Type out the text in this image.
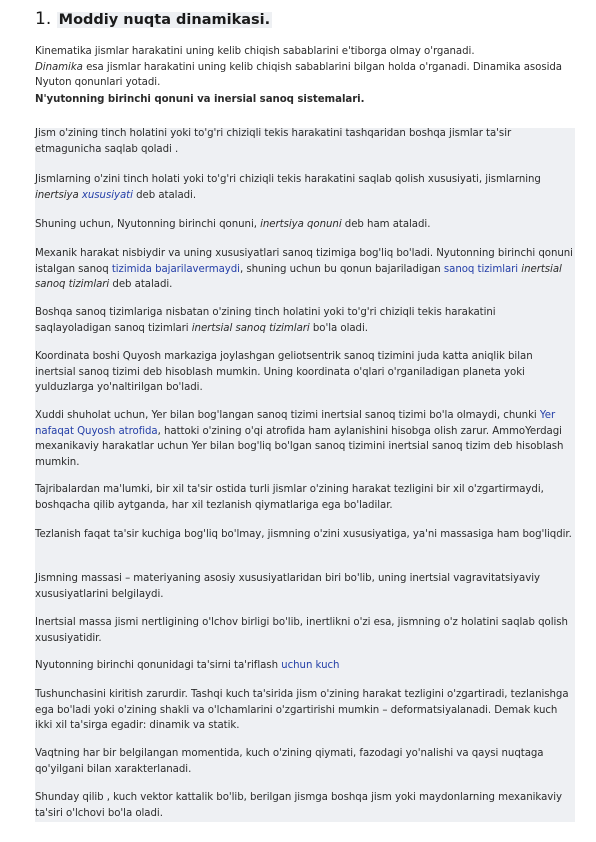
1. Moddiy nuqta dinamikasi.

Kinematika jismlar harakatini uning kelib chiqish sabablarini e'tiborga olmay o'rganadi.

Dinamika esa jismlar harakatini uning kelib chiqish sabablarini bilgan holda o'rganadi. Dinamika asosida Nyuton qonunlari yotadi.

N'yutonning birinchi qonuni va inersial sanoq sistemalari.

Jism o'zining tinch holatini yoki to'g'ri chiziqli tekis harakatini tashqaridan boshqa jismlar ta'sir etmagunicha saqlab qoladi .

Jismlarning o'zini tinch holati yoki to'g'ri chiziqli tekis harakatini saqlab qolish xususiyati, jismlarning inertsiya xususiyati deb ataladi.

Shuning uchun, Nyutonning birinchi qonuni, inertsiya qonuni deb ham ataladi.

Mexanik harakat nisbiydir va uning xususiyatlari sanoq tizimiga bog'liq bo'ladi. Nyutonning birinchi qonuni istalgan sanoq tizimida bajarilavermaydi, shuning uchun bu qonun bajariladigan sanoq tizimlari inertsial sanoq tizimlari deb ataladi.

Boshqa sanoq tizimlariga nisbatan o'zining tinch holatini yoki to'g'ri chiziqli tekis harakatini saqlayoladigan sanoq tizimlari inertsial sanoq tizimlari bo'la oladi.

Koordinata boshi Quyosh markaziga joylashgan geliotsentrik sanoq tizimini juda katta aniqlik bilan inertsial sanoq tizimi deb hisoblash mumkin. Uning koordinata o'qlari o'rganiladigan planeta yoki yulduzlarga yo'naltirilgan bo'ladi.

Xuddi shuholat uchun, Yer bilan bog'langan sanoq tizimi inertsial sanoq tizimi bo'la olmaydi, chunki Yer nafaqat Quyosh atrofida, hattoki o'zining o'qi atrofida ham aylanishini hisobga olish zarur. AmmoYerdagi mexanikaviy harakatlar uchun Yer bilan bog'liq bo'lgan sanoq tizimini inertsial sanoq tizim deb hisoblash mumkin.

Tajribalardan ma'lumki, bir xil ta'sir ostida turli jismlar o'zining harakat tezligini bir xil o'zgartirmaydi, boshqacha qilib aytganda, har xil tezlanish qiymatlariga ega bo'ladilar.

Tezlanish faqat ta'sir kuchiga bog'liq bo'lmay, jismning o'zini xususiyatiga, ya'ni massasiga ham bog'liqdir.

Jismning massasi – materiyaning asosiy xususiyatlaridan biri bo'lib, uning inertsial vagravitatsiyaviy xususiyatlarini belgilaydi.

Inertsial massa jismi nertligining o'lchov birligi bo'lib, inertlikni o'zi esa, jismning o'z holatini saqlab qolish xususiyatidir.

Nyutonning birinchi qonunidagi ta'sirni ta'riflash uchun kuch

Tushunchasini kiritish zarurdir. Tashqi kuch ta'sirida jism o'zining harakat tezligini o'zgartiradi, tezlanishga ega bo'ladi yoki o'zining shakli va o'lchamlarini o'zgartirishi mumkin – deformatsiyalanadi. Demak kuch ikki xil ta'sirga egadir: dinamik va statik.

Vaqtning har bir belgilangan momentida, kuch o'zining qiymati, fazodagi yo'nalishi va qaysi nuqtaga qo'yilgani bilan xarakterlanadi.

Shunday qilib , kuch vektor kattalik bo'lib, berilgan jismga boshqa jism yoki maydonlarning mexanikaviy ta'siri o'lchovi bo'la oladi.
